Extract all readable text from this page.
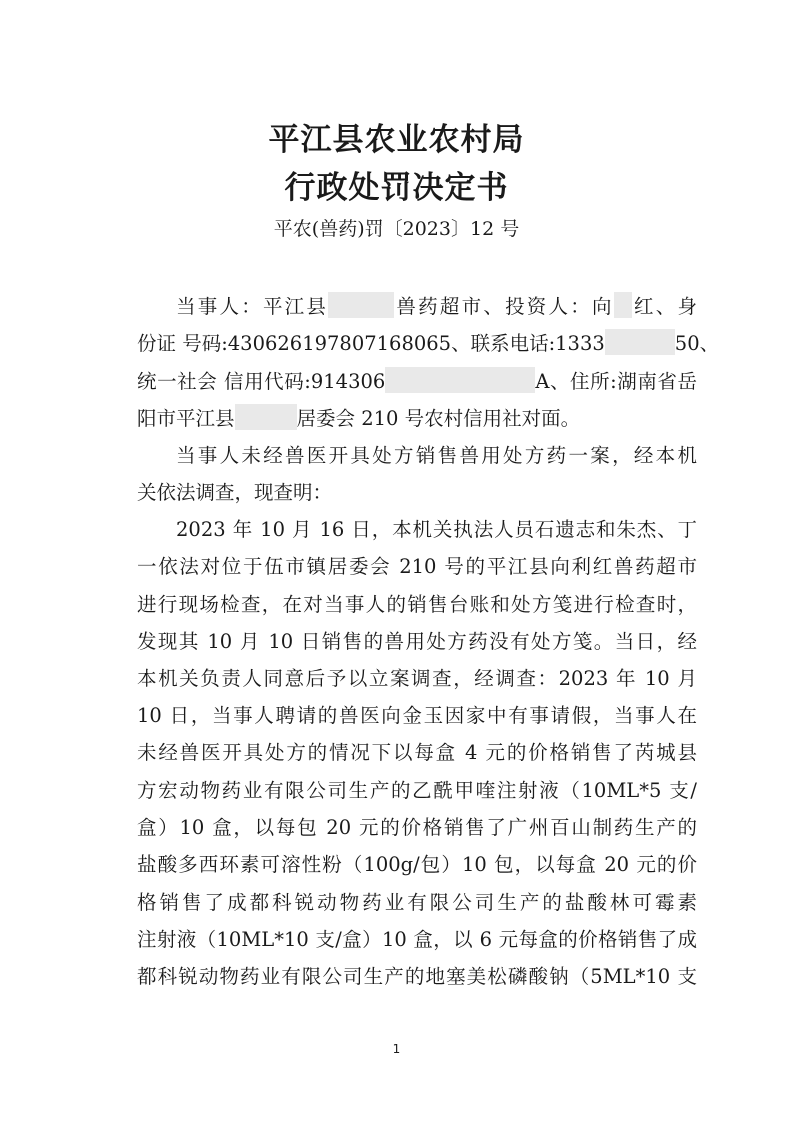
平江县农业农村局
行政处罚决定书
平农(兽药)罚〔2023〕12 号
当事人：平江县	兽药超市、投资人：向 红、身
份证 号码:430626197807168065、联系电话:1333	50、
统一社会 信用代码:914306	A、住所:湖南省岳
阳市平江县	居委会 210 号农村信用社对面。
当事人未经兽医开具处方销售兽用处方药一案，经本机
关依法调查，现查明：
2023 年 10 月 16 日，本机关执法人员石遗志和朱杰、丁
一依法对位于伍市镇居委会 210 号的平江县向利红兽药超市
进行现场检查，在对当事人的销售台账和处方笺进行检查时，
发现其 10 月 10 日销售的兽用处方药没有处方笺。当日，经
本机关负责人同意后予以立案调查，经调查：2023 年 10 月
10 日，当事人聘请的兽医向金玉因家中有事请假，当事人在
未经兽医开具处方的情况下以每盒 4 元的价格销售了芮城县
方宏动物药业有限公司生产的乙酰甲喹注射液（10ML*5 支/
盒）10 盒，以每包 20 元的价格销售了广州百山制药生产的
盐酸多西环素可溶性粉（100g/包）10 包，以每盒 20 元的价
格销售了成都科锐动物药业有限公司生产的盐酸林可霉素
注射液（10ML*10 支/盒）10 盒，以 6 元每盒的价格销售了成
都科锐动物药业有限公司生产的地塞美松磷酸钠（5ML*10 支
1
